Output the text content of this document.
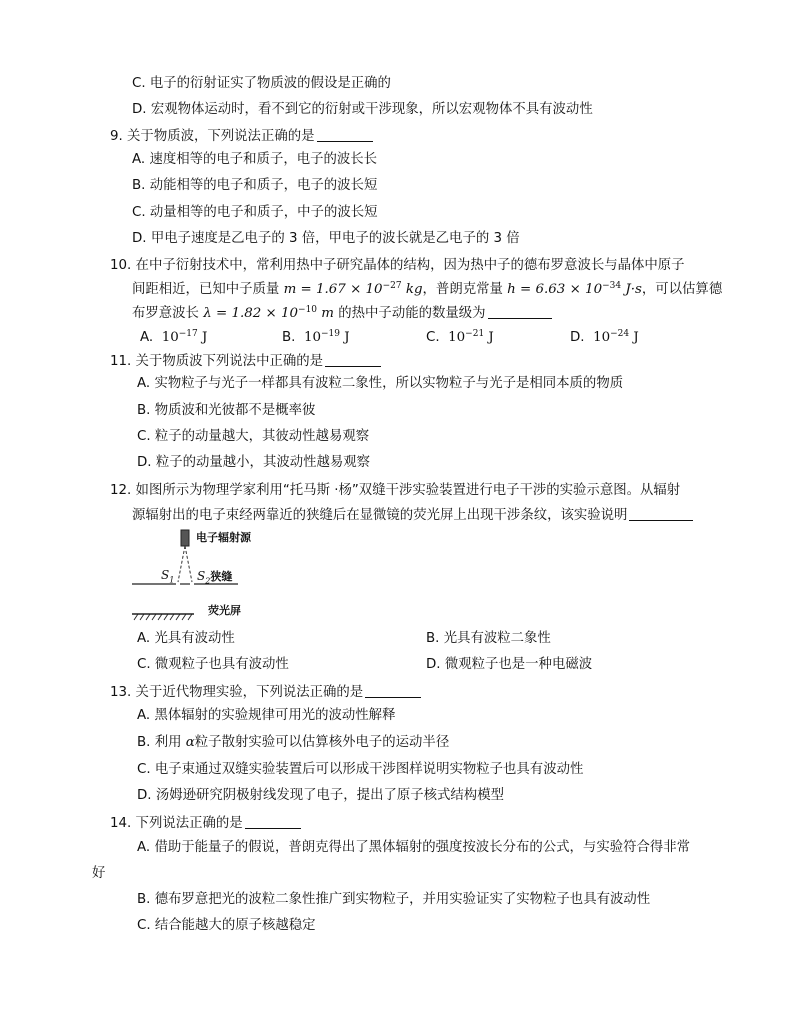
C. 电子的衍射证实了物质波的假设是正确的
D. 宏观物体运动时，看不到它的衍射或干涉现象，所以宏观物体不具有波动性
9. 关于物质波，下列说法正确的是
A. 速度相等的电子和质子，电子的波长长
B. 动能相等的电子和质子，电子的波长短
C. 动量相等的电子和质子，中子的波长短
D. 甲电子速度是乙电子的 3 倍，甲电子的波长就是乙电子的 3 倍
10. 在中子衍射技术中，常利用热中子研究晶体的结构，因为热中子的德布罗意波长与晶体中原子
间距相近，已知中子质量 $m = 1.67 \times 10^{-27}$ kg，普朗克常量 $h = 6.63 \times 10^{-34}$ J·s，可以估算德
布罗意波长 $\lambda = 1.82 \times 10^{-10}$ m 的热中子动能的数量级为
A. $10^{-17}$ J	B. $10^{-19}$ J	C. $10^{-21}$ J	D. $10^{-24}$ J
11. 关于物质波下列说法中正确的是
A. 实物粒子与光子一样都具有波粒二象性，所以实物粒子与光子是相同本质的物质
B. 物质波和光彼都不是概率彼
C. 粒子的动量越大，其彼动性越易观察
D. 粒子的动量越小，其波动性越易观察
12. 如图所示为物理学家利用“托马斯 ·杨”双缝干涉实验装置进行电子干涉的实验示意图。从辐射
源辐射出的电子束经两靠近的狭缝后在显微镜的荧光屏上出现干涉条纹，该实验说明
电子辐射源
$S_1$ $S_2$狭缝
荧光屏
A. 光具有波动性	B. 光具有波粒二象性
C. 微观粒子也具有波动性	D. 微观粒子也是一种电磁波
13. 关于近代物理实验，下列说法正确的是
A. 黑体辐射的实验规律可用光的波动性解释
B. 利用 α粒子散射实验可以估算核外电子的运动半径
C. 电子束通过双缝实验装置后可以形成干涉图样说明实物粒子也具有波动性
D. 汤姆逊研究阴极射线发现了电子，提出了原子核式结构模型
14. 下列说法正确的是
A. 借助于能量子的假说，普朗克得出了黑体辐射的强度按波长分布的公式，与实验符合得非常
好
B. 德布罗意把光的波粒二象性推广到实物粒子，并用实验证实了实物粒子也具有波动性
C. 结合能越大的原子核越稳定
